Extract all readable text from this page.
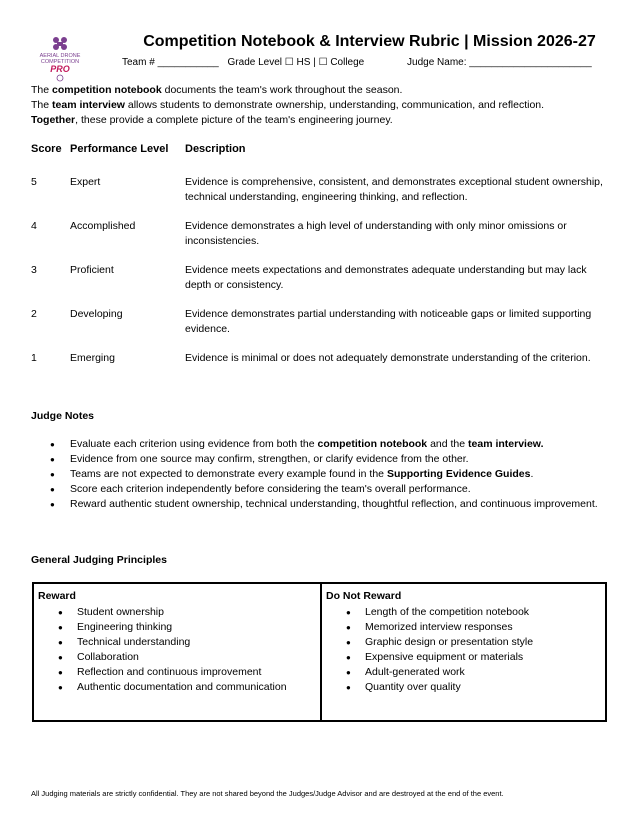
AERIAL DRONE
COMPETITION
PRO
Competition Notebook & Interview Rubric | Mission 2026-27
Team # ___________ Grade Level ☐ HS | ☐ College	Judge Name: ______________________
The competition notebook documents the team's work throughout the season.
The team interview allows students to demonstrate ownership, understanding, communication, and reflection.
Together, these provide a complete picture of the team's engineering journey.
Score Performance Level Description
5	Expert	Evidence is comprehensive, consistent, and demonstrates exceptional student ownership, technical understanding, engineering thinking, and reflection.
4	Accomplished	Evidence demonstrates a high level of understanding with only minor omissions or inconsistencies.
3	Proficient	Evidence meets expectations and demonstrates adequate understanding but may lack depth or consistency.
2	Developing	Evidence demonstrates partial understanding with noticeable gaps or limited supporting evidence.
1	Emerging	Evidence is minimal or does not adequately demonstrate understanding of the criterion.
Judge Notes
● Evaluate each criterion using evidence from both the competition notebook and the team interview.
● Evidence from one source may confirm, strengthen, or clarify evidence from the other.
● Teams are not expected to demonstrate every example found in the Supporting Evidence Guides.
● Score each criterion independently before considering the team's overall performance.
● Reward authentic student ownership, technical understanding, thoughtful reflection, and continuous improvement.
General Judging Principles
Reward
● Student ownership
● Engineering thinking
● Technical understanding
● Collaboration
● Reflection and continuous improvement
● Authentic documentation and communication
Do Not Reward
● Length of the competition notebook
● Memorized interview responses
● Graphic design or presentation style
● Expensive equipment or materials
● Adult-generated work
● Quantity over quality
All Judging materials are strictly confidential. They are not shared beyond the Judges/Judge Advisor and are destroyed at the end of the event.
